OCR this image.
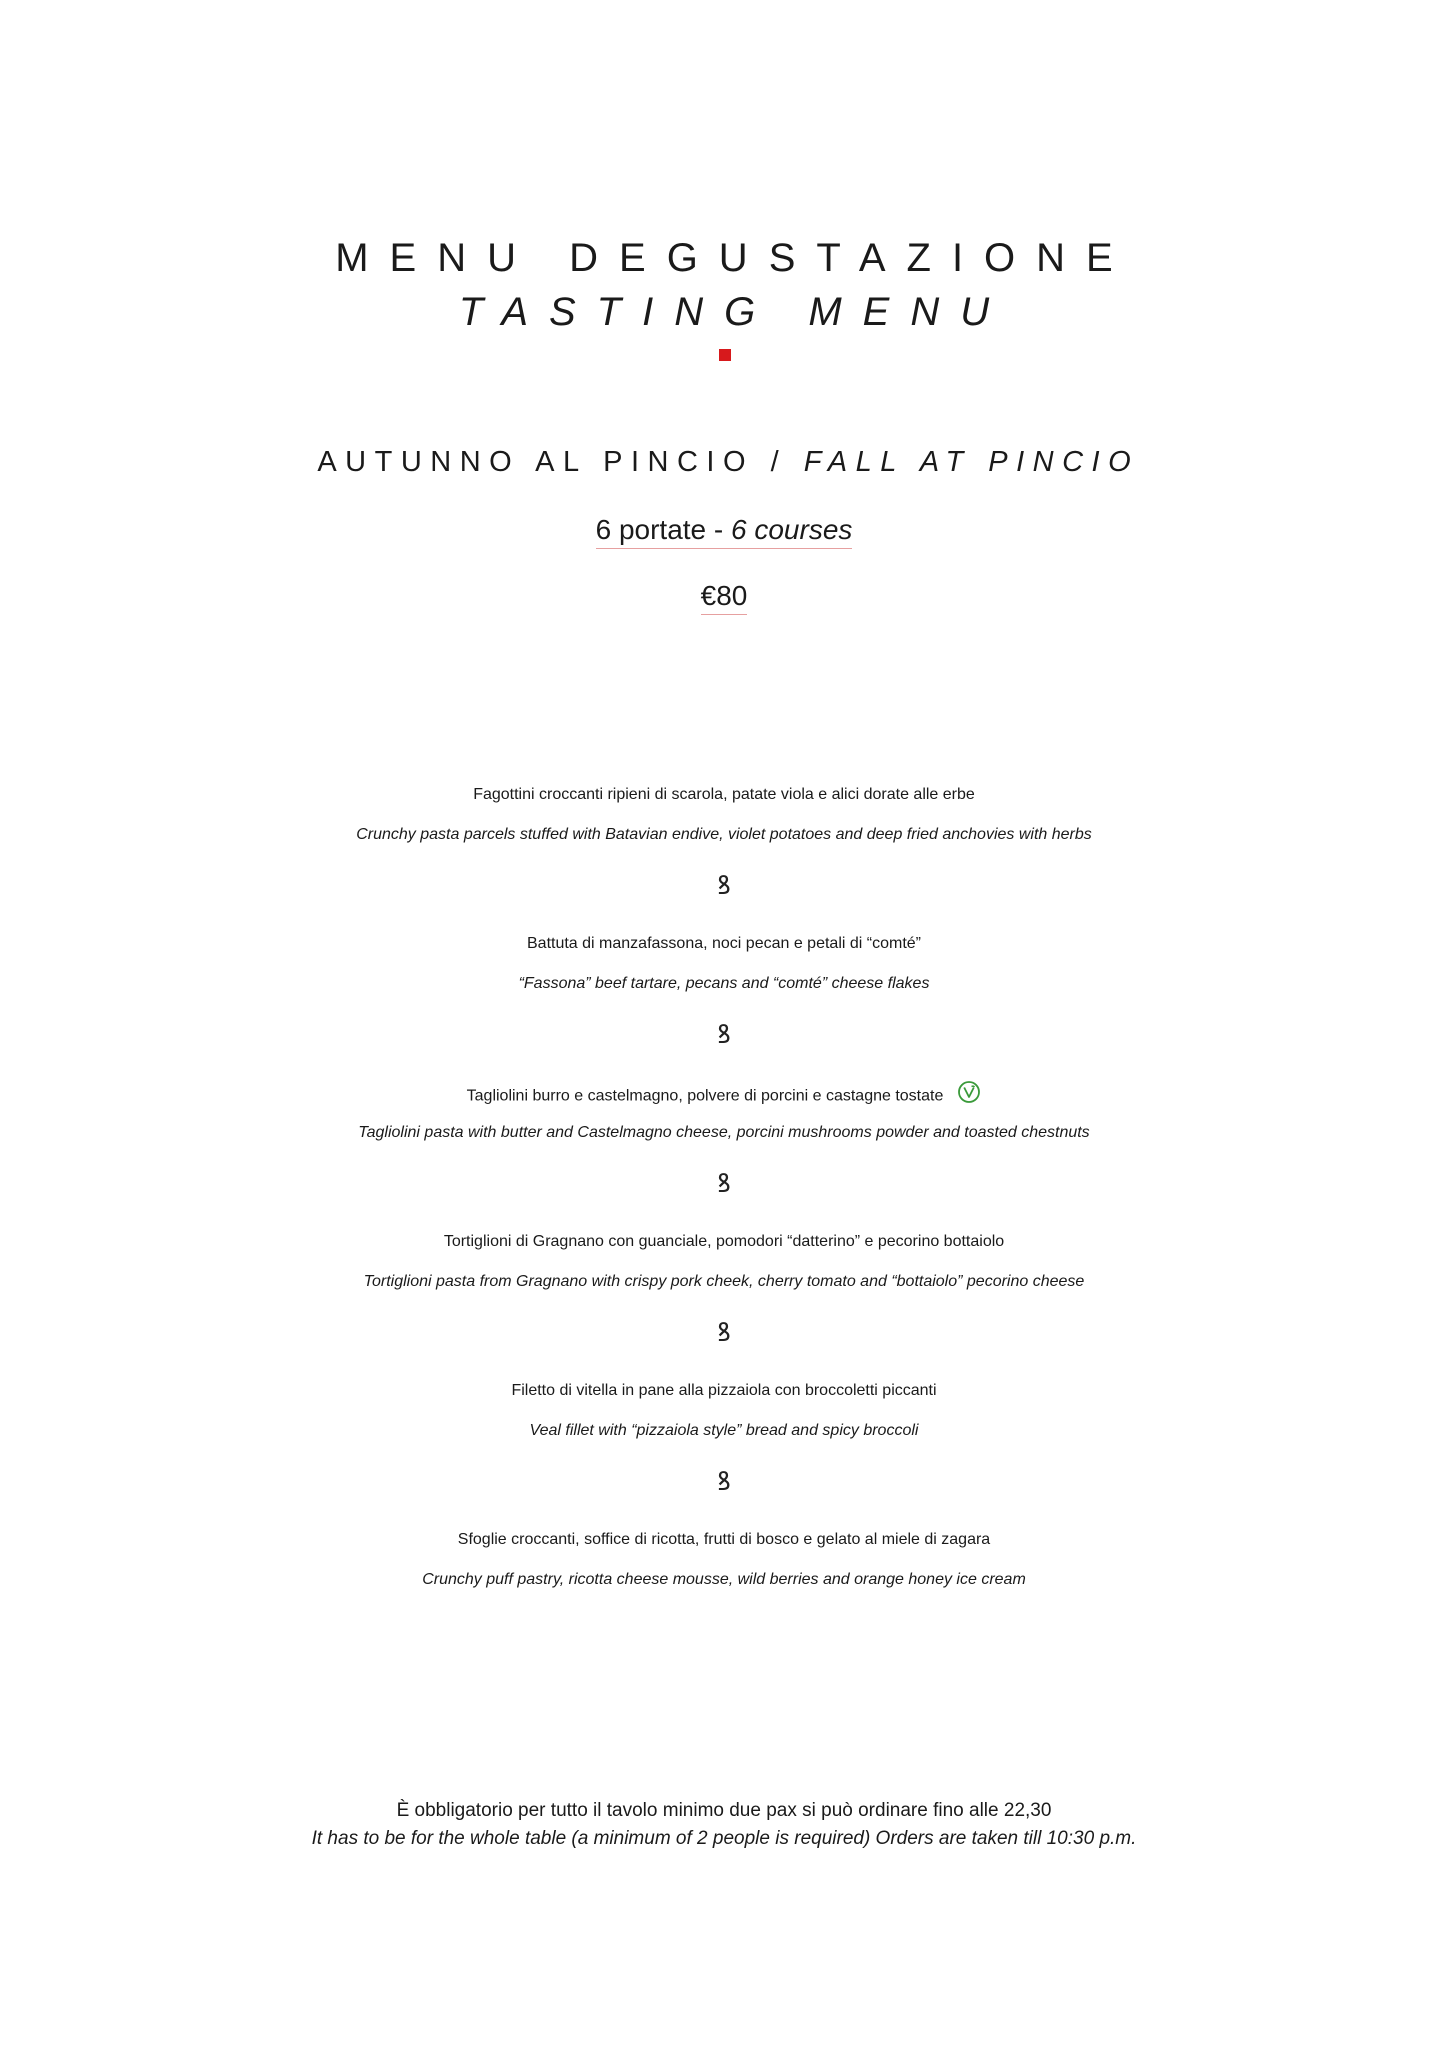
MENU DEGUSTAZIONE
TASTING MENU
AUTUNNO AL PINCIO / FALL AT PINCIO
6 portate - 6 courses
€80
Fagottini croccanti ripieni di scarola, patate viola e alici dorate alle erbe
Crunchy pasta parcels stuffed with Batavian endive, violet potatoes and deep fried anchovies with herbs
ꝸ
Battuta di manzafassona, noci pecan e petali di “comté”
“Fassona” beef tartare, pecans and “comté” cheese flakes
ꝸ
Tagliolini burro e castelmagno, polvere di porcini e castagne tostate
Tagliolini pasta with butter and Castelmagno cheese, porcini mushrooms powder and toasted chestnuts
ꝸ
Tortiglioni di Gragnano con guanciale, pomodori “datterino” e pecorino bottaiolo
Tortiglioni pasta from Gragnano with crispy pork cheek, cherry tomato and “bottaiolo” pecorino cheese
ꝸ
Filetto di vitella in pane alla pizzaiola con broccoletti piccanti
Veal fillet with “pizzaiola style” bread and spicy broccoli
ꝸ
Sfoglie croccanti, soffice di ricotta, frutti di bosco e gelato al miele di zagara
Crunchy puff pastry, ricotta cheese mousse, wild berries and orange honey ice cream
È obbligatorio per tutto il tavolo minimo due pax si può ordinare fino alle 22,30
It has to be for the whole table (a minimum of 2 people is required) Orders are taken till 10:30 p.m.
